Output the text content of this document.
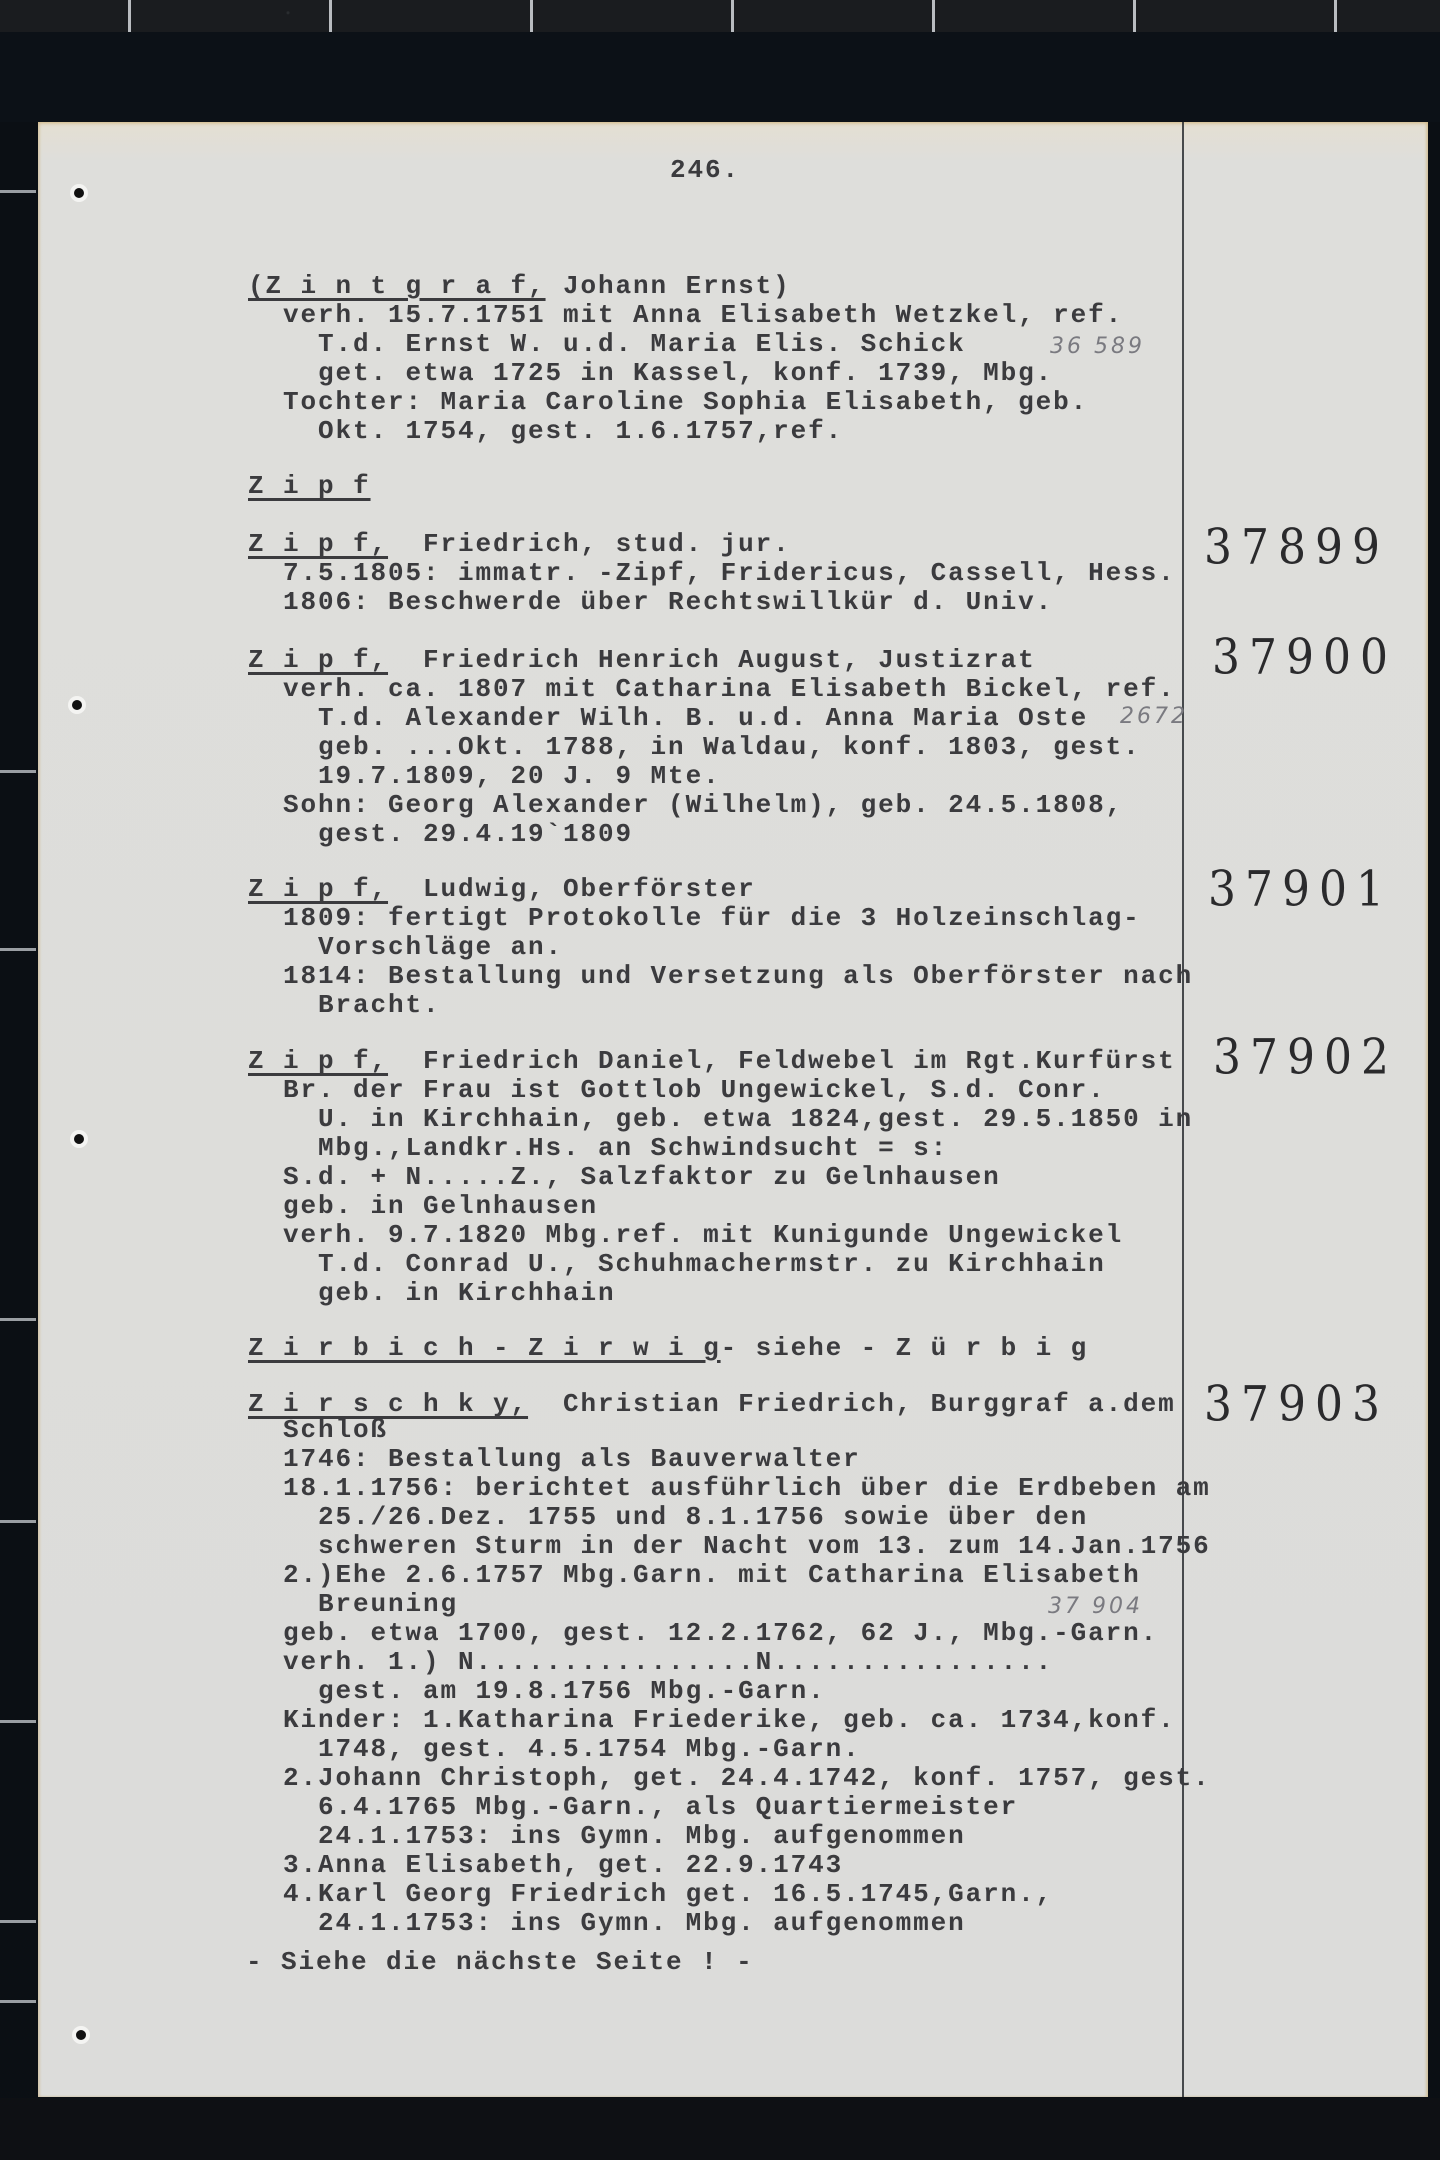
246.

(Z i n t g r a f, Johann Ernst)

verh. 15.7.1751 mit Anna Elisabeth Wetzkel, ref.

T.d. Ernst W. u.d. Maria Elis. Schick

get. etwa 1725 in Kassel, konf. 1739, Mbg.

Tochter: Maria Caroline Sophia Elisabeth, geb.

Okt. 1754, gest. 1.6.1757,ref.

36 589

Z i p f

Z i p f,  Friedrich, stud. jur.

7.5.1805: immatr. -Zipf, Fridericus, Cassell, Hess.

1806: Beschwerde über Rechtswillkür d. Univ.

37899

Z i p f,  Friedrich Henrich August, Justizrat

verh. ca. 1807 mit Catharina Elisabeth Bickel, ref.

T.d. Alexander Wilh. B. u.d. Anna Maria Oste

geb. ...Okt. 1788, in Waldau, konf. 1803, gest.

19.7.1809, 20 J. 9 Mte.

Sohn: Georg Alexander (Wilhelm), geb. 24.5.1808,

gest. 29.4.19`1809

2672
37900

Z i p f,  Ludwig, Oberförster

1809: fertigt Protokolle für die 3 Holzeinschlag-

Vorschläge an.

1814: Bestallung und Versetzung als Oberförster nach

Bracht.

37901

Z i p f,  Friedrich Daniel, Feldwebel im Rgt.Kurfürst

Br. der Frau ist Gottlob Ungewickel, S.d. Conr.

U. in Kirchhain, geb. etwa 1824,gest. 29.5.1850 in

Mbg.,Landkr.Hs. an Schwindsucht = s:

S.d. + N.....Z., Salzfaktor zu Gelnhausen

geb. in Gelnhausen

verh. 9.7.1820 Mbg.ref. mit Kunigunde Ungewickel

T.d. Conrad U., Schuhmachermstr. zu Kirchhain

geb. in Kirchhain

37902

Z i r b i c h - Z i r w i g- siehe - Z ü r b i g

Z i r s c h k y,  Christian Friedrich, Burggraf a.dem

Schloß

1746: Bestallung als Bauverwalter

18.1.1756: berichtet ausführlich über die Erdbeben am

25./26.Dez. 1755 und 8.1.1756 sowie über den

schweren Sturm in der Nacht vom 13. zum 14.Jan.1756

2.)Ehe 2.6.1757 Mbg.Garn. mit Catharina Elisabeth

Breuning

geb. etwa 1700, gest. 12.2.1762, 62 J., Mbg.-Garn.

verh. 1.) N................N................

gest. am 19.8.1756 Mbg.-Garn.

Kinder: 1.Katharina Friederike, geb. ca. 1734,konf.

1748, gest. 4.5.1754 Mbg.-Garn.

2.Johann Christoph, get. 24.4.1742, konf. 1757, gest.

6.4.1765 Mbg.-Garn., als Quartiermeister

24.1.1753: ins Gymn. Mbg. aufgenommen

3.Anna Elisabeth, get. 22.9.1743

4.Karl Georg Friedrich get. 16.5.1745,Garn.,

24.1.1753: ins Gymn. Mbg. aufgenommen

37 904
37903

- Siehe die nächste Seite ! -
